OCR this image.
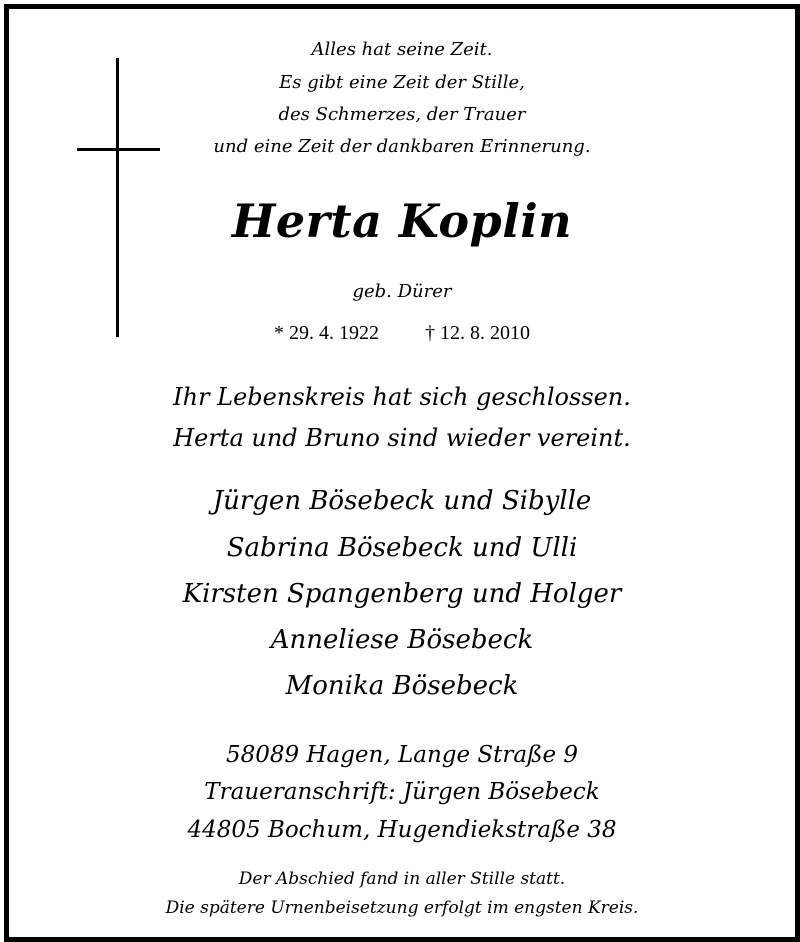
Alles hat seine Zeit.
Es gibt eine Zeit der Stille,
des Schmerzes, der Trauer
und eine Zeit der dankbaren Erinnerung.
Herta Koplin
geb. Dürer
* 29. 4. 1922 † 12. 8. 2010
Ihr Lebenskreis hat sich geschlossen.
Herta und Bruno sind wieder vereint.
Jürgen Bösebeck und Sibylle
Sabrina Bösebeck und Ulli
Kirsten Spangenberg und Holger
Anneliese Bösebeck
Monika Bösebeck
58089 Hagen, Lange Straße 9
Traueranschrift: Jürgen Bösebeck
44805 Bochum, Hugendiekstraße 38
Der Abschied fand in aller Stille statt.
Die spätere Urnenbeisetzung erfolgt im engsten Kreis.
